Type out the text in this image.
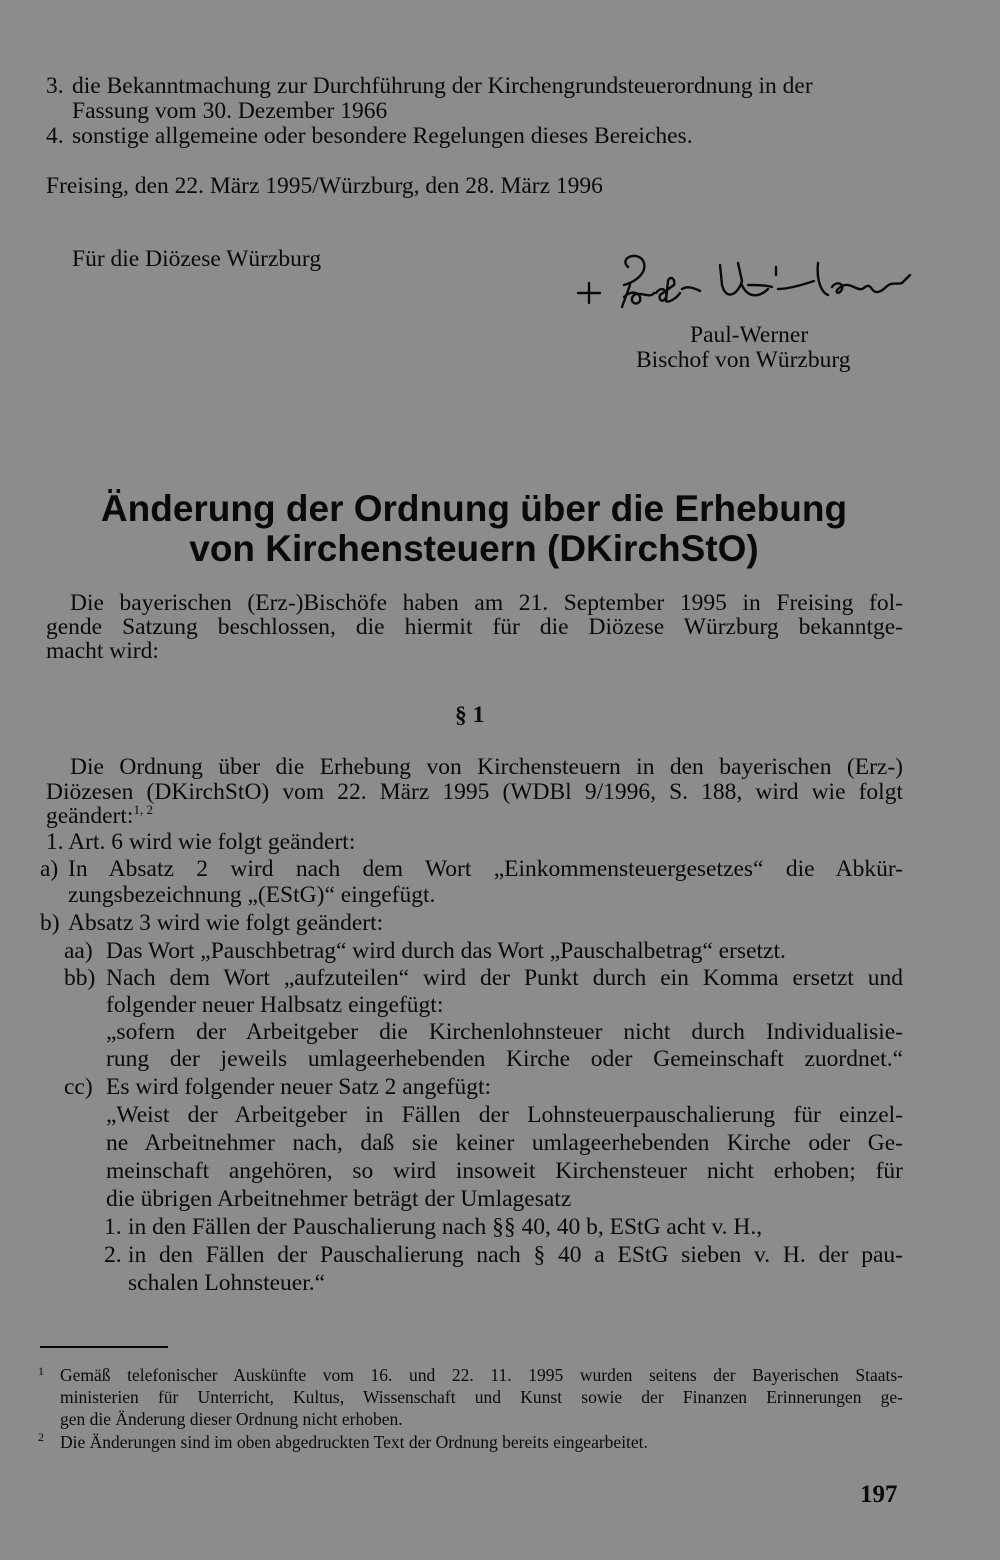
3. die Bekanntmachung zur Durchführung der Kirchengrundsteuerordnung in der
Fassung vom 30. Dezember 1966
4. sonstige allgemeine oder besondere Regelungen dieses Bereiches.
Freising, den 22. März 1995/Würzburg, den 28. März 1996
Für die Diözese Würzburg
Paul-Werner
Bischof von Würzburg
Änderung der Ordnung über die Erhebung
von Kirchensteuern (DKirchStO)
Die bayerischen (Erz-)Bischöfe haben am 21. September 1995 in Freising fol-
gende Satzung beschlossen, die hiermit für die Diözese Würzburg bekanntge-
macht wird:
§ 1
Die Ordnung über die Erhebung von Kirchensteuern in den bayerischen (Erz-)
Diözesen (DKirchStO) vom 22. März 1995 (WDBl 9/1996, S. 188, wird wie folgt
geändert:$^{1, 2}$
1. Art. 6 wird wie folgt geändert:
a) In Absatz 2 wird nach dem Wort „Einkommensteuergesetzes“ die Abkür-
zungsbezeichnung „(EStG)“ eingefügt.
b) Absatz 3 wird wie folgt geändert:
aa) Das Wort „Pauschbetrag“ wird durch das Wort „Pauschalbetrag“ ersetzt.
bb) Nach dem Wort „aufzuteilen“ wird der Punkt durch ein Komma ersetzt und
folgender neuer Halbsatz eingefügt:
„sofern der Arbeitgeber die Kirchenlohnsteuer nicht durch Individualisie-
rung der jeweils umlageerhebenden Kirche oder Gemeinschaft zuordnet.“
cc) Es wird folgender neuer Satz 2 angefügt:
„Weist der Arbeitgeber in Fällen der Lohnsteuerpauschalierung für einzel-
ne Arbeitnehmer nach, daß sie keiner umlageerhebenden Kirche oder Ge-
meinschaft angehören, so wird insoweit Kirchensteuer nicht erhoben; für
die übrigen Arbeitnehmer beträgt der Umlagesatz
1. in den Fällen der Pauschalierung nach §§ 40, 40 b, EStG acht v. H.,
2. in den Fällen der Pauschalierung nach § 40 a EStG sieben v. H. der pau-
schalen Lohnsteuer.“
1 Gemäß telefonischer Auskünfte vom 16. und 22. 11. 1995 wurden seitens der Bayerischen Staats-
ministerien für Unterricht, Kultus, Wissenschaft und Kunst sowie der Finanzen Erinnerungen ge-
gen die Änderung dieser Ordnung nicht erhoben.
2 Die Änderungen sind im oben abgedruckten Text der Ordnung bereits eingearbeitet.
197
